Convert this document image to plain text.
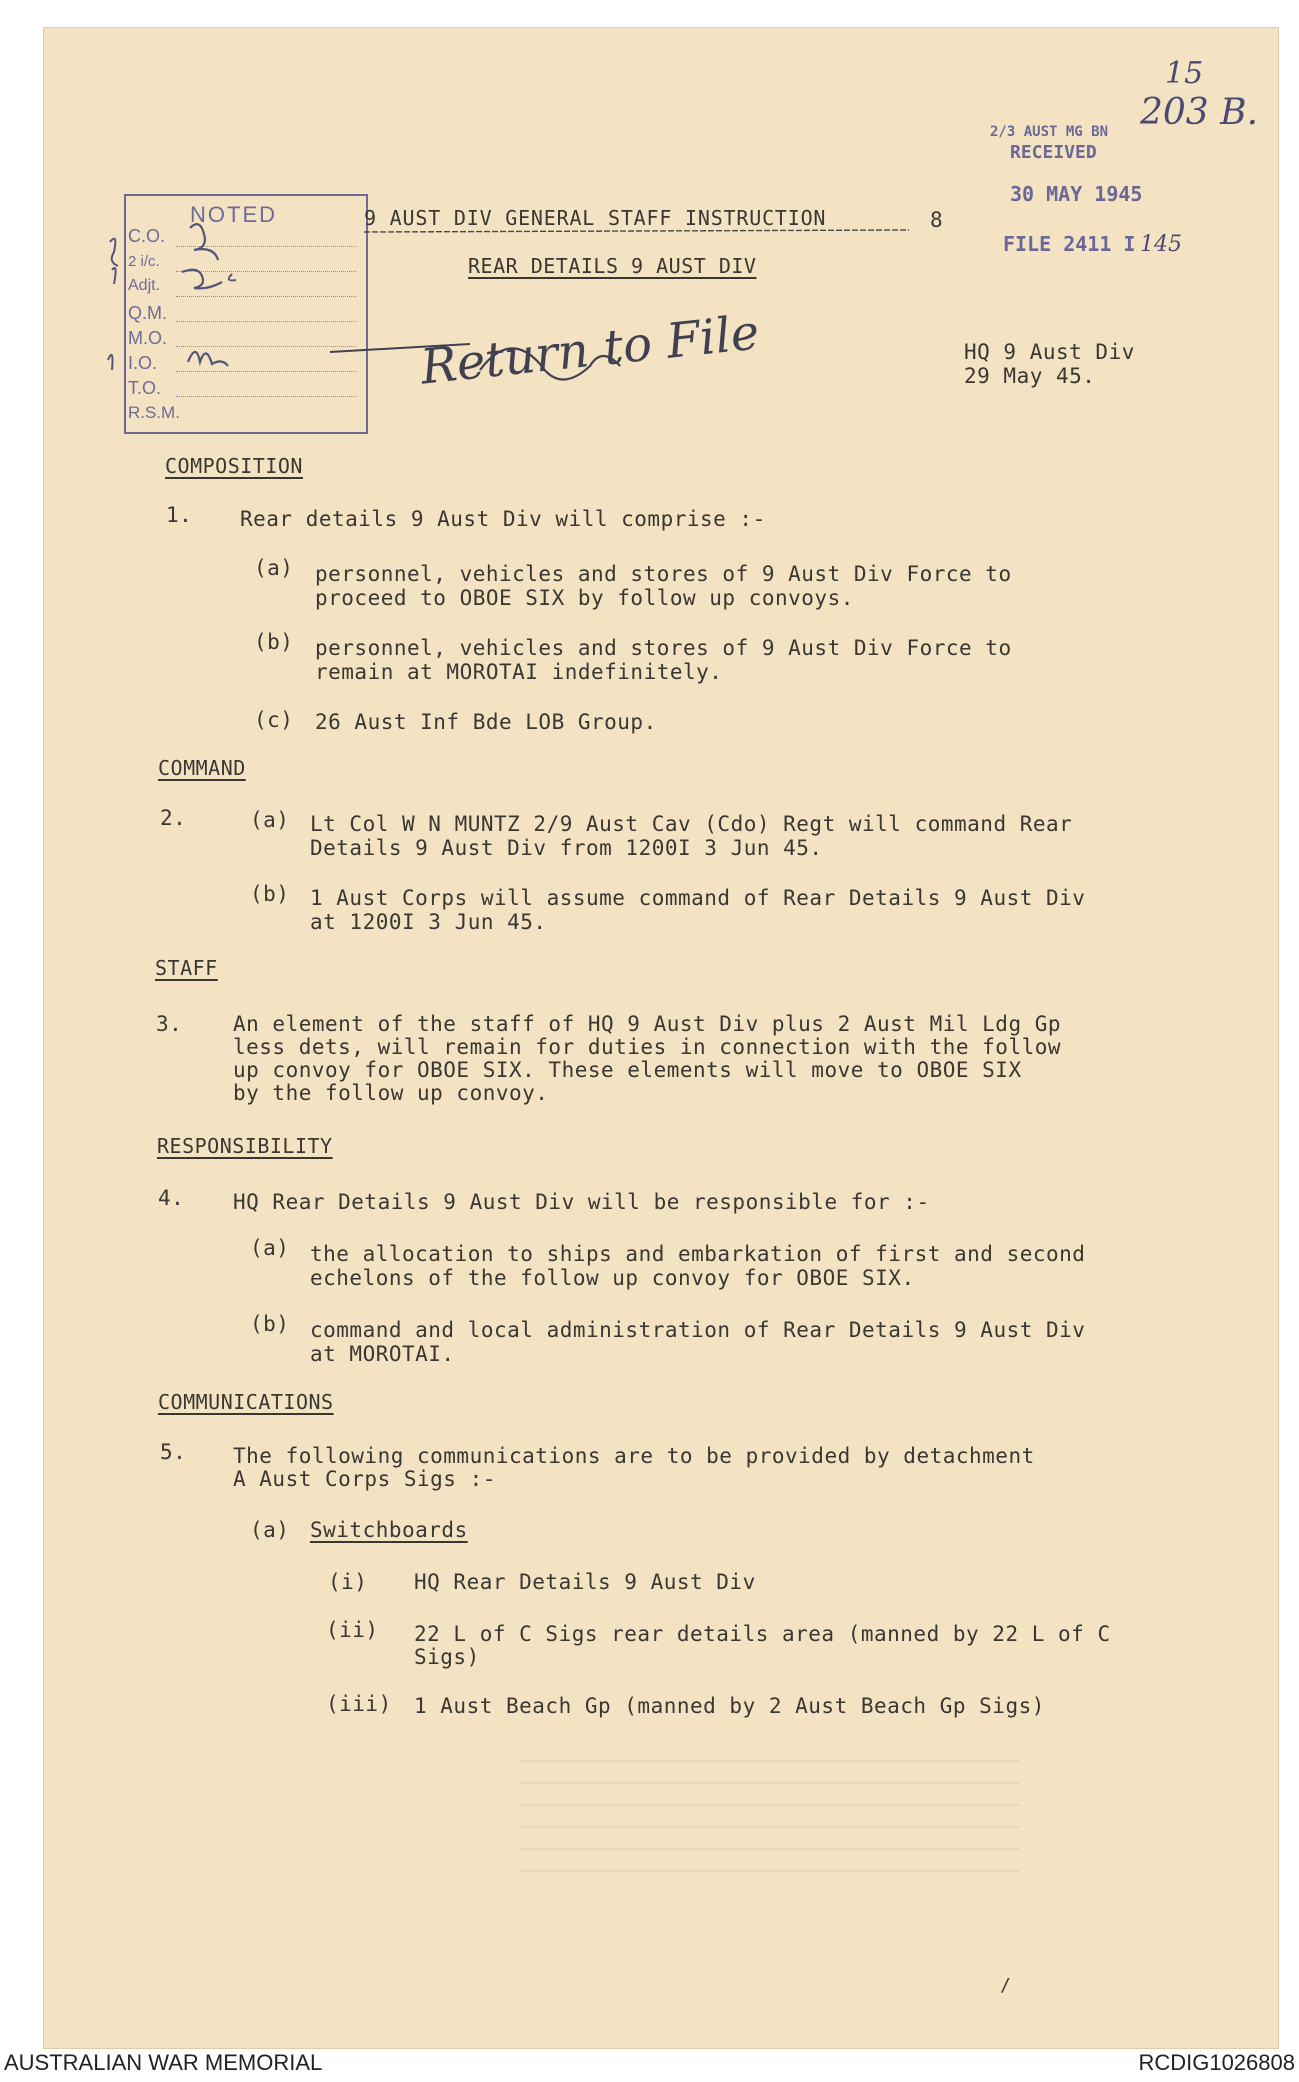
15
203 B.
2/3 AUST MG BN
RECEIVED
30 MAY 1945
FILE 2411 I 145
NOTED
C.O.
2 i/c.
Adjt.
Q.M.
M.O.
I.O.
T.O.
R.S.M.
9 AUST DIV GENERAL STAFF INSTRUCTION	8
REAR DETAILS 9 AUST DIV
Return to File	HQ 9 Aust Div
29 May 45.
COMPOSITION
1. Rear details 9 Aust Div will comprise :-
(a) personnel, vehicles and stores of 9 Aust Div Force to
proceed to OBOE SIX by follow up convoys.
(b) personnel, vehicles and stores of 9 Aust Div Force to
remain at MOROTAI indefinitely.
(c) 26 Aust Inf Bde LOB Group.
COMMAND
2.	(a) Lt Col W N MUNTZ 2/9 Aust Cav (Cdo) Regt will command Rear
Details 9 Aust Div from 1200I 3 Jun 45.
(b) 1 Aust Corps will assume command of Rear Details 9 Aust Div
at 1200I 3 Jun 45.
STAFF
3. An element of the staff of HQ 9 Aust Div plus 2 Aust Mil Ldg Gp
less dets, will remain for duties in connection with the follow
up convoy for OBOE SIX. These elements will move to OBOE SIX
by the follow up convoy.
RESPONSIBILITY
4. HQ Rear Details 9 Aust Div will be responsible for :-
(a) the allocation to ships and embarkation of first and second
echelons of the follow up convoy for OBOE SIX.
(b) command and local administration of Rear Details 9 Aust Div
at MOROTAI.
COMMUNICATIONS
5. The following communications are to be provided by detachment
A Aust Corps Sigs :-
(a) Switchboards
(i) HQ Rear Details 9 Aust Div
(ii) 22 L of C Sigs rear details area (manned by 22 L of C
Sigs)
(iii) 1 Aust Beach Gp (manned by 2 Aust Beach Gp Sigs)
/
AUSTRALIAN WAR MEMORIAL	RCDIG1026808
